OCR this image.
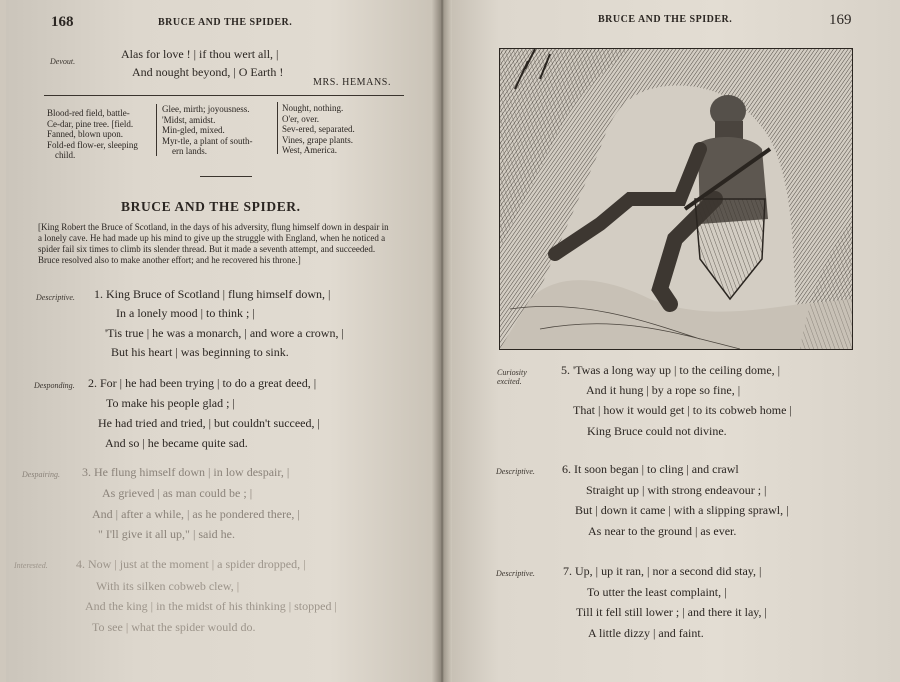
168	BRUCE AND THE SPIDER.
Devout.
Alas for love ! | if thou wert all, |
And nought beyond, | O Earth !
MRS. HEMANS.
Blood-red field, battle-
Ce-dar, pine tree. [field.
Fanned, blown upon.
Fold-ed flow-er, sleeping
child.
Glee, mirth; joyousness.
'Midst, amidst.
Min-gled, mixed.
Myr-tle, a plant of south-
ern lands.
Nought, nothing.
O'er, over.
Sev-ered, separated.
Vines, grape plants.
West, America.
BRUCE AND THE SPIDER.
[King Robert the Bruce of Scotland, in the days of his adversity, flung himself down in despair in a lonely cave. He had made up his mind to give up the struggle with England, when he noticed a spider fail six times to climb its slender thread. But it made a seventh attempt, and succeeded. Bruce resolved also to make another effort; and he recovered his throne.]
Descriptive. 1. King Bruce of Scotland | flung himself down, |
In a lonely mood | to think ; |
'Tis true | he was a monarch, | and wore a crown, |
But his heart | was beginning to sink.
Desponding. 2. For | he had been trying | to do a great deed, |
To make his people glad ; |
He had tried and tried, | but couldn't succeed, |
And so | he became quite sad.
Despairing. 3. He flung himself down | in low despair, |
As grieved | as man could be ; |
And | after a while, | as he pondered there, |
" I'll give it all up," | said he.
Interested. 4. Now | just at the moment | a spider dropped, |
With its silken cobweb clew, |
And the king | in the midst of his thinking | stopped |
To see | what the spider would do.
BRUCE AND THE SPIDER.	169
Curiosity excited.
5. 'Twas a long way up | to the ceiling dome, |
And it hung | by a rope so fine, |
That | how it would get | to its cobweb home |
King Bruce could not divine.
Descriptive. 6. It soon began | to cling | and crawl
Straight up | with strong endeavour ; |
But | down it came | with a slipping sprawl, |
As near to the ground | as ever.
Descriptive. 7. Up, | up it ran, | nor a second did stay, |
To utter the least complaint, |
Till it fell still lower ; | and there it lay, |
A little dizzy | and faint.
